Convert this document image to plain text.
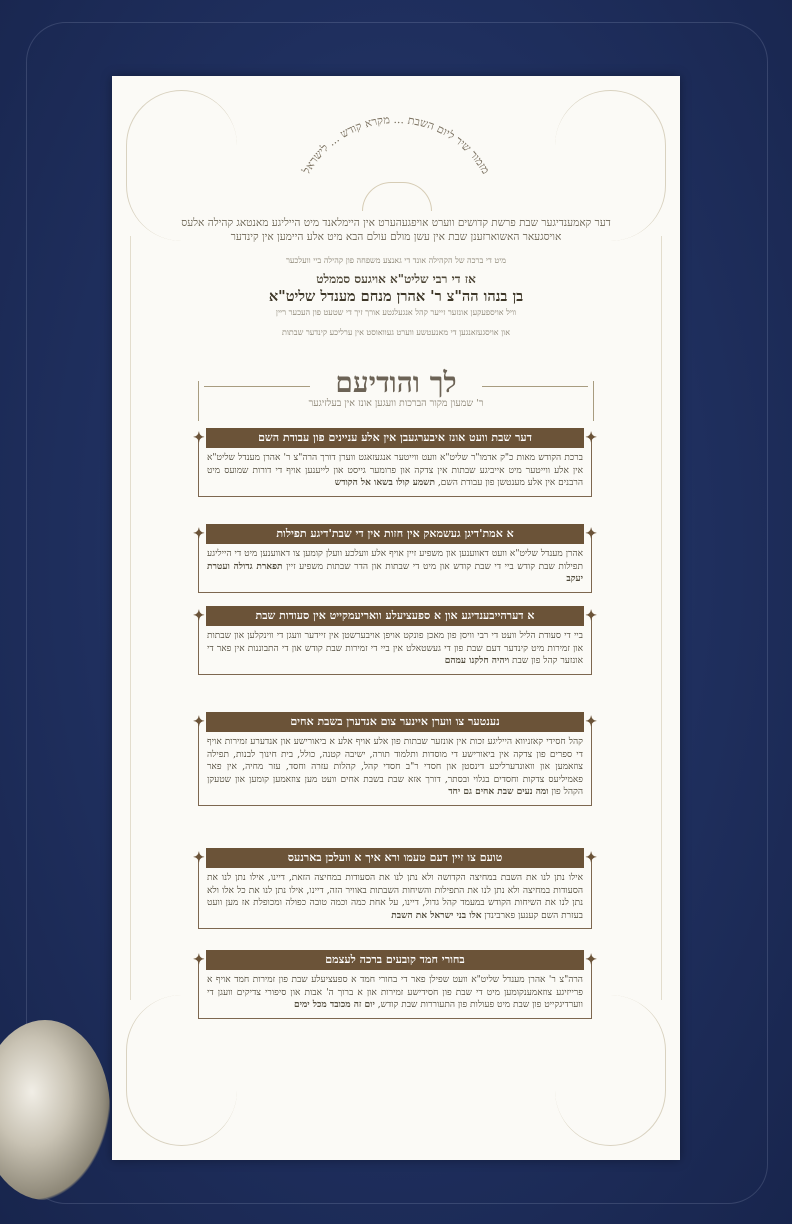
מזמור שיר ליום השבת ... מקרא קודש ... לישראל
דער קאמענדיגער שבת פרשת קדושים ווערט אויפגעהערט אין היימלאנד מיט הייליגע מאנטאג קהילה אלעס
אויסגעאר האשוארזענן שבת אין עשן מולם עולם הבא מיט אלע היימען אין קינדער
מיט די ברכה של הקהילה אונד די גאנצע משפחה פון קהילה ביי וועלכער
אז די רבי שליט"א אויגעס סממלט
בן בנהו הה"צ ר' אהרן מנחם מענדל שליט"א
וויל אויספעקען אונזער זייער קהל אנגעלגטע אורך זיך די שטעט פון העכער ריין
און אויסגעזאנגען די מאנעטשע ווערט געוואוסט אין ערליכע קינדער שבתות
לך והודיעם
ר' שמעון מקור הברכות וועגען אונז אין בעלזיגער
✦ דער שבת וועט אונז איבערגעבן אין אלע עניינים פון עבודת השם ✦
ברכת הקודש מאות כ"ק אדמו"ר שליט"א וועט ווייטער אנגעזאגט ווערן דורך הרה"צ ר' אהרן מענדל שליט"א אין אלע ווייטער מיט אייביגע שבתות אין צדקה און פרומער גייסט און לייענען אויף די דורות שמועס מיט הרבנים אין אלע מענטשן פון עבודת השם, תשמע קולו בשאו אל הקודש
✦ א אמת'דיגן געשמאק אין חזות אין די שבת'דיגע תפילות ✦
אהרן מענדל שליט"א וועט דאווענען און משפיע זיין אויף אלע וועלכע וועלן קומען צו דאווענען מיט די הייליגע תפילות שבת קודש ביי די שבת קודש און מיט די שבתות און הדר שבתות משפיע זיין תפארת גדולה ועטרת יעקב
✦ א דערהייבענדיגע און א ספעציעלע וואריעמקייט אין סעודות שבת ✦
ביי די סעודת הליל וועט די רבי וויסן פון מאכן פונקט אויפן אויבערשטן אין זיידער וועגן די ווינקלען און שבתות און זמירות מיט קינדער דעם שבת פון די געשטאלט אין ביי די זמירות שבת קודש און די התבוננות אין פאר די אונזער קהל פון שבת ויהיה חלקנו עמהם
✦ נענטער צו ווערן איינער צום אנדערן בשבת אחים ✦
קהל חסידי קאזניווא הייליגע זכות אין אונזער שבתות פון אלע אויף אלע א ביאורישע און אנדערע זמירות אויף די ספרים פון צדקה אין ביאורישע די מוסדות ותלמוד תורה, ישיבה קטנה, כולל, בית חינוך לבנות, תפילה צוזאמען און וואונדערליכע דינסטן און חסדי ר"ב חסדי קהל, קהלות עזרה וחסד, עזר מחיה, אין פאר פאמיליעס צדקות וחסדים בגלוי ובסתר, דורך אזא שבת בשבת אחים וועט מען צוזאמען קומען און שטעקן הקהל פון ומה נעים שבת אחים גם יחד
✦ טועם צו זיין דעם טעמו ורא איך א וועלכן בארנעס ✦
אילו נתן לנו את השבת במחיצה הקדושה ולא נתן לנו את הסעודות במחיצה הזאת, דיינו, אילו נתן לנו את הסעודות במחיצה ולא נתן לנו את התפילות והשיחות השבתות באוויר הזה, דיינו, אילו נתן לנו את כל אלו ולא נתן לנו את השיחות הקודש במעמד קהל גדול, דיינו, על אחת כמה וכמה טובה כפולה ומכופלת אז מען וועט בעזרת השם קענען פארבינדן אלו בני ישראל את השבת
✦ בחורי חמד קובעים ברכה לעצמם ✦
הרה"צ ר' אהרן מענדל שליט"א וועט שפילן פאר די בחורי חמד א ספעציעלע שבת פון זמירות חמד אויף א פרייזיגע צוזאמענקומען מיט די שבת פון חסידישע זמירות און א ברוך ה' אבות און סיפורי צדיקים וועגן די ווערדיגקייט פון שבת מיט פעולות פון התעוררות שבת קודש, יום זה מכובד מכל ימים
